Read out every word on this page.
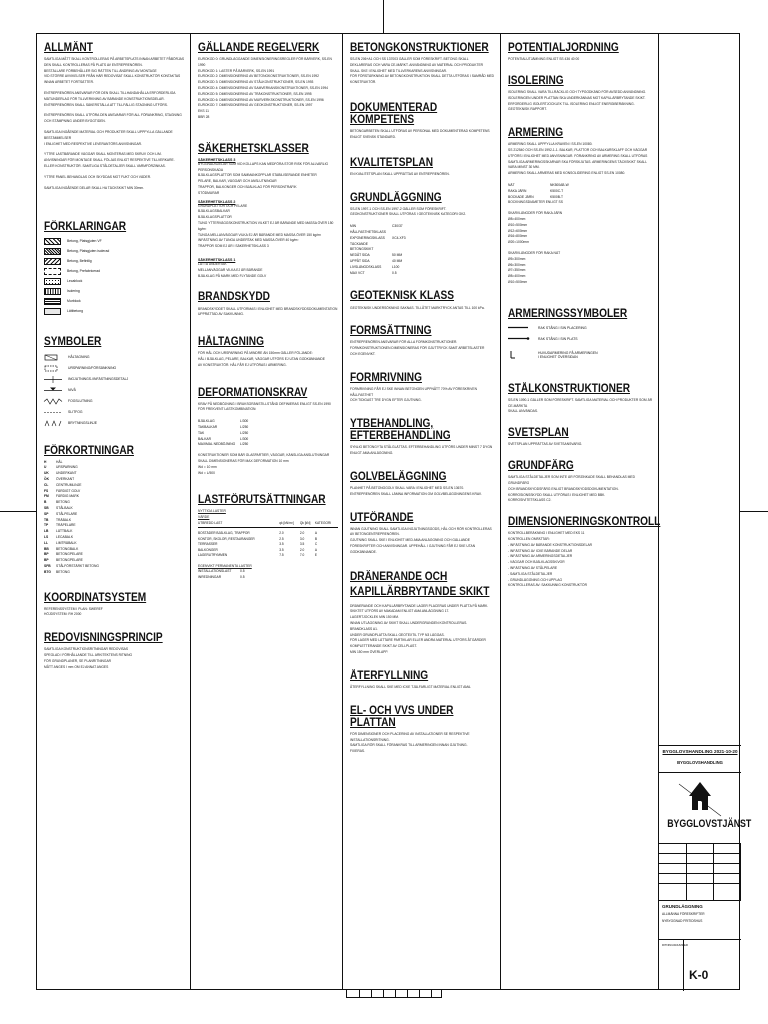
ALLMÄNT

SAMTLIGA MÅTT SKALL KONTROLLERAS PÅ ARBETSPLATS INNAN ARBETET PÅBÖRJAS

DEN SKALL KONTROLLERAS PÅ PLATS AV ENTREPRENÖREN.

BESTÄLLARE FÖRBEHÅLLER SIG RÄTTEN TILL ÄNDRING AV MONTAGE

VID STÖRRE AVVIKELSER FRÅN HÄR REDOVISAT SKALL KONSTRUKTÖR KONTAKTAS

INNAN ARBETET FORTSÄTTER.

ENTREPRENÖREN ANSVARAR FÖR DEN SKALL TILLHANDAHÅLLA ERFORDERLIGA

MÄTUNDERLAG FÖR TILLVERKNING AV BÄRANDE KONSTRUKTIONSDELAR.

ENTREPRENÖREN SKALL SÄKERSTÄLLA ATT TILLFÄLLIG STAGNING UTFÖRS.

ENTREPRENÖREN SKALL UTFÖRA DEN ANSVARAR FÖR ALL FÖRANKRING, STAGNING

OCH STÄMPNING UNDER BYGGTIDEN.

SAMTLIGA INGÅENDE MATERIAL OCH PRODUKTER SKALL UPPFYLLA GÄLLANDE BESTÄMMELSER

I ENLIGHET MED RESPEKTIVE LEVERANTÖRS ANVISNINGAR.

YTTRE LASTBÄRANDE VÄGGAR SKALL MONTERAS MED SKRUV OCH LIM.

ANVISNINGAR FÖR MONTAGE SKALL FÖLJAS ENLIGT RESPEKTIVE TILLVERKARE.

ELLER KONSTRUKTÖR. SAMTLIGA STÅLDETALJER SKALL VARMFÖRZINKAS.

YTTRE PANEL BEHANDLAS OCH SKYDDAS MOT FUKT OCH VÄDER.

SAMTLIGA INGÅENDE DELAR SKALL HA TÄCKSKIKT MIN 30mm.

FÖRKLARINGAR
Betong, Platsgjuten VF
Betong, Platsgjuten isolerad
Betong, Befintlig
Betong, Prefabricerad
Lecablock
Isolering
Murblock
Lättbetong
SYMBOLER
HÅLTAGNING
URSPARNING/FÖRSÄNKNING
INGJUTNINGS-/INFÄSTNINGSDETALJ
NIVÅ
FOGSLUTNING
SLITFOG
BRYTNINGSLINJE
FÖRKORTNINGAR
H	HÅL
U	URSPARNING
UK	UNDERKANT
ÖK	ÖVERKANT
CL	CENTRUMLINJE
FS	FÄRDIGT GOLV
FM	FÄRDIG MARK
B	BETONG
SB	STÅLBALK
SP	STÅLPELARE
TB	TRÄBALK
TP	TRÄPELARE
LB	LÄTTBALK
LS	LECABALK
LL	LIMTRÄBALK
BB	BETONGBALK
BP	BETONGPELARE
BP	BETONGPELARE
SFB	STÅLFÖRSTÄRKT BETONG
BTG	BETONG
KOORDINATSYSTEM

REFERENSSYSTEM I PLAN: SWEREF

HÖJDSYSTEM: RH 2000

REDOVISNINGSPRINCIP

SAMTLIGA KONSTRUKTIONSRITNINGAR REDOVISAS

SPEGLAD I FÖRHÅLLANDE TILL ARKITEKTENS RITNING

FÖR GRUNDPLANER, SE PLANRITNINGAR

MÅTT ANGES I mm OM EJ ANNAT ANGES

GÄLLANDE REGELVERK

EUROKOD 0: GRUNDLÄGGANDE DIMENSIONERINGSREGLER FÖR BÄRVERK, SS-EN 1990

EUROKOD 1: LASTER PÅ BÄRVERK, SS-EN 1991

EUROKOD 2: DIMENSIONERING AV BETONGKONSTRUKTIONER, SS-EN 1992

EUROKOD 3: DIMENSIONERING AV STÅLKONSTRUKTIONER, SS-EN 1993

EUROKOD 4: DIMENSIONERING AV SAMVERKANSKONSTRUKTIONER, SS-EN 1994

EUROKOD 5: DIMENSIONERING AV TRÄKONSTRUKTIONER, SS-EN 1995

EUROKOD 6: DIMENSIONERING AV MURVERKSKONSTRUKTIONER, SS-EN 1996

EUROKOD 7: DIMENSIONERING AV GEOKONSTRUKTIONER, SS-EN 1997

EKS 11

BBR 28

SÄKERHETSKLASSER
SÄKERHETSKLASS 3

BYGGNADSDELAR SOM VID KOLLAPS KAN MEDFÖRA STOR RISK FÖR ALLVARLIG PERSONSKADA

BJÄLKLAGSPLATTOR SOM SAMMANKOPPLAR STABILISERANDE ENHETER

PELARE, BALKAR, VÄGGAR OCH ANSLUTNINGAR

TRAPPOR, BALKONGER OCH BJÄLKLAG FÖR PERSONTRAFIK

STÖDMURAR

SÄKERHETSKLASS 2

GRUNDPLATTOR OCH PELARE

BJÄLKLAGSBALKAR

BJÄLKLAGSPLATTOR

TUNG YTTERVÄGGSKONSTRUKTION VILKET EJ ÄR BÄRANDE MED MASSA ÖVER 150 kg/m²

TUNGA MELLANVÄGGAR VILKA EJ ÄR BÄRANDE MED MASSA ÖVER 150 kg/m²

INFÄSTNING AV TUNGA UNDERTAK MED MASSA ÖVER 40 kg/m²

TRAPPOR SOM EJ ÄR I SÄKERHETSKLASS 3

SÄKERHETSKLASS 1

LÄTTA UNDERTAK

MELLANVÄGGAR VILKA EJ ÄR BÄRANDE

BJÄLKLAG PÅ MARK MED FLYTANDE GOLV

BRANDSKYDD

BRANDSKYDDET SKALL UTFORMAS I ENLIGHET MED BRANDSKYDDSDOKUMENTATION

UPPRÄTTAD AV SAKKUNNIG.

HÅLTAGNING

FÖR HÅL OCH URSPARNING PÅ MINDRE ÄN 150mm GÄLLER FÖLJANDE:

HÅL I BJÄLKLAG, PELARE, BALKAR, VÄGGAR UTFÖRS EJ UTAN GODKÄNNANDE

AV KONSTRUKTÖR. HÅL FÅR EJ UTFÖRAS I ARMERING.

DEFORMATIONSKRAV

KRAV PÅ NEDBÖJNING I BRUKSGRÄNSTILLSTÅND DEFINIERAS ENLIGT SS-EN 1990

FÖR FREKVENT LASTKOMBINATION:

BJÄLKLAG	L/300
TAKBALKAR	L/250
TAK	L/250
BALKAR	L/300
MAXIMAL NEDBÖJNING	L/250

KONSTRUKTIONER SOM BÄR GLASPARTIER, VÄGGAR, KÄNSLIGA ANSLUTNINGAR SKALL DIMENSIONERAS FÖR MAX DEFORMATION 10 mm

Wd = 10 mm

Wd = L/500

LASTFÖRUTSÄTTNINGAR

NYTTIGA LASTER

VÄRDE

UTBREDD LAST	qk [kN/m²]	Qk [kN]	KATEGORI

BOSTÄDER BJÄLKLAG, TRAPPOR	2.0	2.0	A
KONTOR, SKOLOR, RESTAURANGER	2.5	3.0	B
TERRASSER	3.5	3.5	C
BALKONGER	3.5	2.0	A
LAGERUTRYMMEN	7.5	7.0	E

EGENVIKT PERMANENTA LASTER

INSTALLATIONSLAST	0.5
INREDNINGAR	0.5
BETONGKONSTRUKTIONER

SS-EN 206+A1 OCH SS 137003 GÄLLER SOM FÖRESKRIFT. BETONG SKALL

DEKLARERAS OCH VARA CE-MÄRKT. ANVÄNDNING AV MATERIAL OCH PRODUKTER

SKALL SKE I ENLIGHET MED TILLVERKARENS ANVISNINGAR.

FÖR FÖRSTÄRKNING AV BETONGKONSTRUKTION SKALL DETTA UTFÖRAS I SAMRÅD MED KONSTRUKTÖR.

DOKUMENTERAD KOMPETENS

BETONGARBETEN SKALL UTFÖRAS AV PERSONAL MED DOKUMENTERAD KOMPETENS

ENLIGT SVENSK STANDARD.

KVALITETSPLAN

EN KVALITETSPLAN SKALL UPPRÄTTAS AV ENTREPRENÖREN.

GRUNDLÄGGNING

SS-EN 1997-1 OCH SS-EN 1997-2 GÄLLER SOM FÖRESKRIFT.

GEOKONSTRUKTIONER SKALL UTFÖRAS I GEOTEKNISK KATEGORI GK2.

MIN HÅLLFASTHETSKLASS
C30/37
EXPONERINGSKLASS	XC4-XF3
TÄCKANDE BETONGSKIKT
NEDÅT SIDA	50 MM
UPPÅT SIDA	40 MM
LIVSLÄNGDSKLASS	L100
MAX VCT	0.5
GEOTEKNISK KLASS

GEOTEKNISK UNDERSÖKNING SAKNAS. TILLÅTET MARKTRYCK ANTAS TILL 100 kPa.

FORMSÄTTNING

ENTREPRENÖREN ANSVARAR FÖR ALLA FORMKONSTRUKTIONER.

FORMKONSTRUKTIONEN DIMENSIONERAS FÖR GJUTTRYCK SAMT ARBETSLASTER

OCH EGENVIKT.

FORMRIVNING

FORMRIVNING FÅR EJ SKE INNAN BETONGEN UPPNÅTT 70% AV FÖRESKRIVEN HÅLLFASTHET

OCH TIDIGAST TRE DYGN EFTER GJUTNING.

YTBEHANDLING, EFTERBEHANDLING

SYNLIG BETONGYTA STÅLGLÄTTAS. EFTERBEHANDLING UTFÖRS UNDER MINST 7 DYGN

ENLIGT AMA ANLÄGGNING.

GOLVBELÄGGNING

PLANHET PÅ BETONGGOLV SKALL VARA I ENLIGHET MED SS-EN 13670.

ENTREPRENÖREN SKALL LÄMNA INFORMATION OM GOLVBELÄGGNINGENS KRAV.

UTFÖRANDE

INNAN GJUTNING SKALL SAMTLIGA INGJUTNINGSGODS, HÅL OCH RÖR KONTROLLERAS

AV BETONGENTREPRENÖREN.

GJUTNING SKALL SKE I ENLIGHET MED AMA ANLÄGGNING OCH GÄLLANDE

FÖRESKRIFTER OCH ANVISNINGAR. UPPEHÅLL I GJUTNING FÅR EJ SKE UTAN GODKÄNNANDE.

DRÄNERANDE OCH KAPILLÄRBRYTANDE SKIKT

DRÄNERANDE OCH KAPILLÄRBRYTANDE LAGER PLACERAS UNDER PLATTA PÅ MARK.

SKIKTET UTFÖRS AV MAKADAM ENLIGT AMA ANLÄGGNING 17.

LAGERTJOCKLEK MIN 150 MM.

INNAN UTLÄGGNING AV SKIKT SKALL UNDERGRUNDEN KONTROLLERAS.

BRANDKLASS A1.

UNDER GRUNDPLATTA SKALL GEOTEXTIL TYP N3 LÄGGAS.

FÖR LAGER MED LÄTTARE PARTIKLAR ELLER ANDRA MATERIAL UTFÖRS ÅTGÄRDER

KOMPLETTERANDE SKIKT AV CELLPLAST.

MIN 150 mm ÖVERLAPP.

ÅTERFYLLNING

ÅTERFYLLNING SKALL SKE MED ICKE TJÄLFARLIGT MATERIAL ENLIGT AMA.

EL- OCH VVS UNDER PLATTAN

FÖR DIMENSIONER OCH PLACERING AV INSTALLATIONER SE RESPEKTIVE

INSTALLATIONSRITNING.

SAMTLIGA RÖR SKALL FÖRANKRAS TILL ARMERINGEN INNAN GJUTNING.

FIXERAS.

POTENTIALJORDNING

POTENTIALUTJÄMNING ENLIGT SS 436 40 00

ISOLERING

ISOLERING SKALL VARA TILLRÄCKLIG OCH TYPGODKÄND FÖR AVSEDD ANVÄNDNING.

ISOLERINGEN UNDER PLATTAN SKA UNDERKÄNNAS MOT KAPILLÄRBRYTANDE SKIKT.

ERFORDERLIG ISOLERTJOCKLEK TILL ISOLERING ENLIGT ENERGIBERÄKNING.

GEOTEKNISK RAPPORT.

ARMERING

ARMERING SKALL UPPFYLLA KRAVEN I SS-EN 10080.

SS 212540 OCH SS-EN 1992-1-1. BALKAR, PLATTOR OCH BALKARSKLAFF OCH VÄGGAR

UTFÖRS I ENLIGHET MED ANVISNINGAR. FÖRANKRING AV ARMERING SKALL UTFÖRAS

SAMTLIGA ARMERINGSSKARVAR SKA FÖRSKJUTAS. ARMERINGENS TÄCKSKIKT SKALL

VARA MINST 30 MM.

ARMERING SKALL ARMERAS MED KONSOLIDERING ENLIGT SS-EN 10080.

NÄT	NK500AB-W
RAKA JÄRN	K500C-T
BOCKADE JÄRN	K500B-T

BOCKNINGSDIAMETER ENLIGT SS

SKARVLÄNGDER FÖR RAKA JÄRN

Ø8=400mm

Ø10=500mm

Ø12=600mm

Ø16=800mm

Ø20=1000mm

SKARVLÄNGDER FÖR RAKA NÄT

Ø5=300mm

Ø6=300mm

Ø7=350mm

Ø8=400mm

Ø10=500mm

ARMERINGSSYMBOLER
RAK STÅNG I SIN PLACERING
RAK STÅNG I SIN PLATS
HUVUDARMERING PÅ ARMERINGEN I ENLIGHET ÖVERSIDAN
STÅLKONSTRUKTIONER

SS-EN 1090-1 GÄLLER SOM FÖRESKRIFT. SAMTLIGA MATERIAL OCH PRODUKTER SOM ÄR CE-MÄRKTA

SKALL ANVÄNDAS.

SVETSPLAN

SVETSPLAN UPPRÄTTAS AV SVETSANSVARIG.

GRUNDFÄRG

SAMTLIGA STÅLDETALJER SOM INTE ÄR FÖRZINKADE SKALL BEHANDLAS MED GRUNDFÄRG

OCH BRANDSKYDDSFÄRG ENLIGT BRANDSKYDDSDOKUMENTATION.

KORROSIONSSKYDD SKALL UTFÖRAS I ENLIGHET MED BBK.

KORROSIVITETSKLASS C2.

DIMENSIONERINGSKONTROLL

KONTROLLBERÄKNING I ENLIGHET MED EKS 11

KONTROLLEN OMFATTAR:

- INFÄSTNING AV BÄRANDE KONSTRUKTIONSDELAR

- INFÄSTNING AV ICKE BÄRANDE DELAR

- INFÄSTNING AV ARMERINGSDETALJER

- VÄGGAR OCH BJÄLKLAGSSKIVOR

- INFÄSTNING AV STÅLPELARE

- SAMTLIGA STÅLDETALJER

- GRUNDLÄGGNING OCH UPPLAG

KONTROLLERAS AV: SAKKUNNIG KONSTRUKTÖR

BYGGLOVSHANDLING 2021-10-20
BYGGLOVSHANDLING
BYGGLOVSTJÄNST
GRUNDLÄGGNING
ALLMÄNNA FÖRESKRIFTER
NYBYGGNAD FRITIDSHUS
RITNINGSNUMMER
K-0
